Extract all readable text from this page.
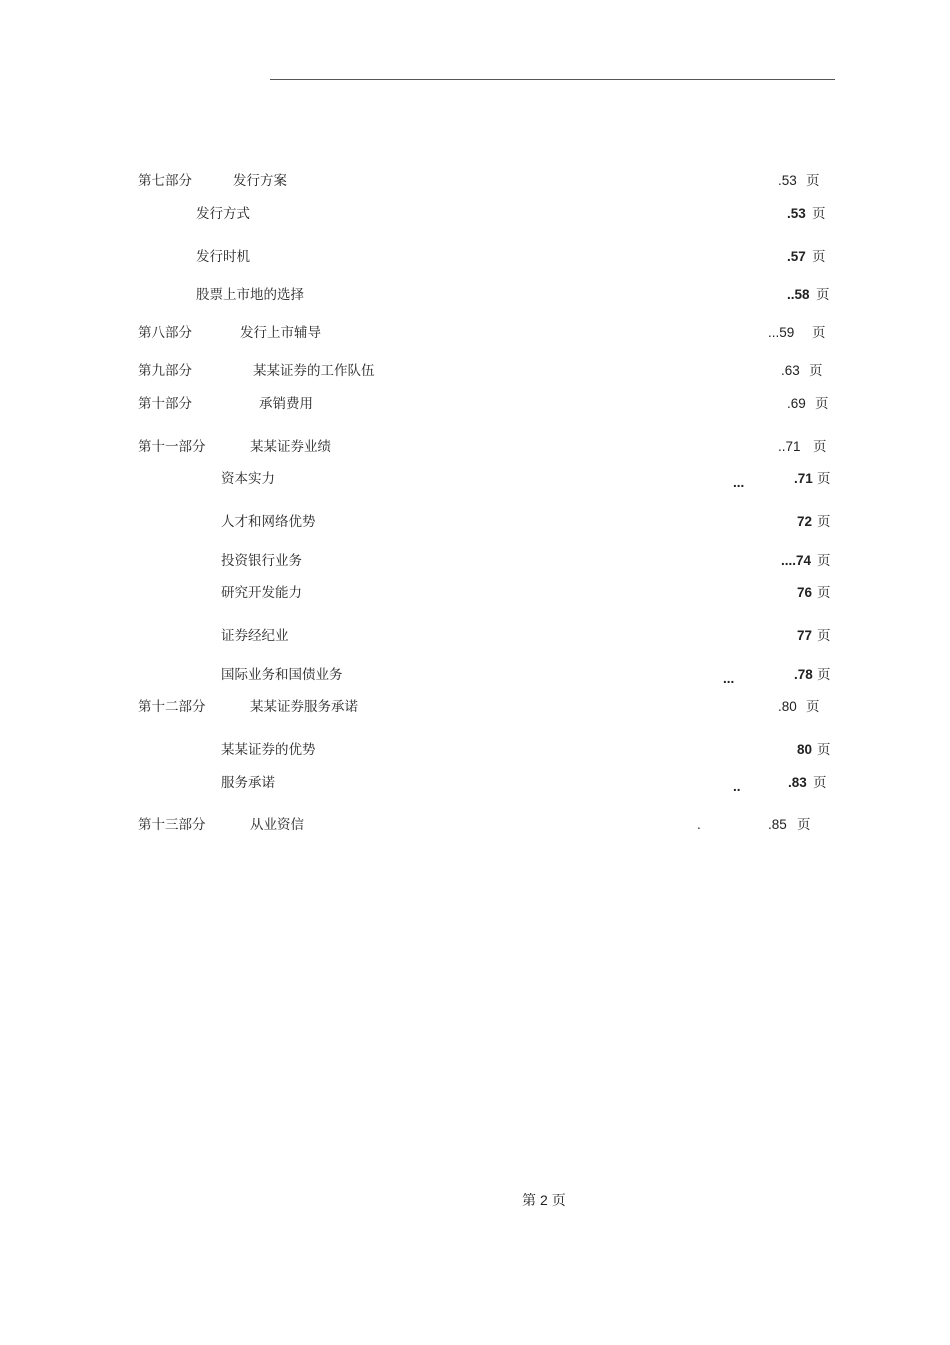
第七部分	发行方案	.53 页
发行方式	.53 页
发行时机	.57 页
股票上市地的选择	..58 页
第八部分	发行上市辅导	...59 页
第九部分	某某证券的工作队伍	.63 页
第十部分	承销费用	.69 页
第十一部分	某某证券业绩	..71 页
资本实力	...	.71 页
人才和网络优势	72 页
投资银行业务	....74 页
研究开发能力	76 页
证券经纪业	77 页
国际业务和国债业务	...	.78 页
第十二部分	某某证券服务承诺	.80 页
某某证券的优势	80 页
服务承诺	..	.83 页
第十三部分	从业资信	.	.85 页
第 2 页
